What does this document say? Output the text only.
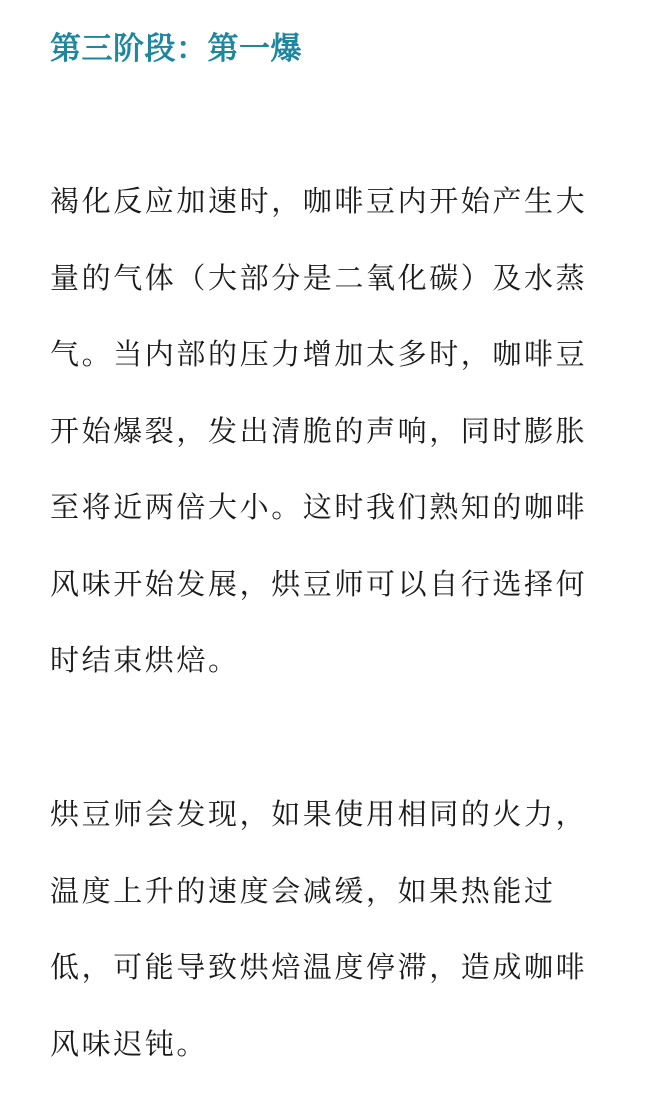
第三阶段：第一爆

褐化反应加速时，咖啡豆内开始产生大
量的气体（大部分是二氧化碳）及水蒸
气。当内部的压力增加太多时，咖啡豆
开始爆裂，发出清脆的声响，同时膨胀
至将近两倍大小。这时我们熟知的咖啡
风味开始发展，烘豆师可以自行选择何
时结束烘焙。

烘豆师会发现，如果使用相同的火力，
温度上升的速度会减缓，如果热能过
低，可能导致烘焙温度停滞，造成咖啡
风味迟钝。
